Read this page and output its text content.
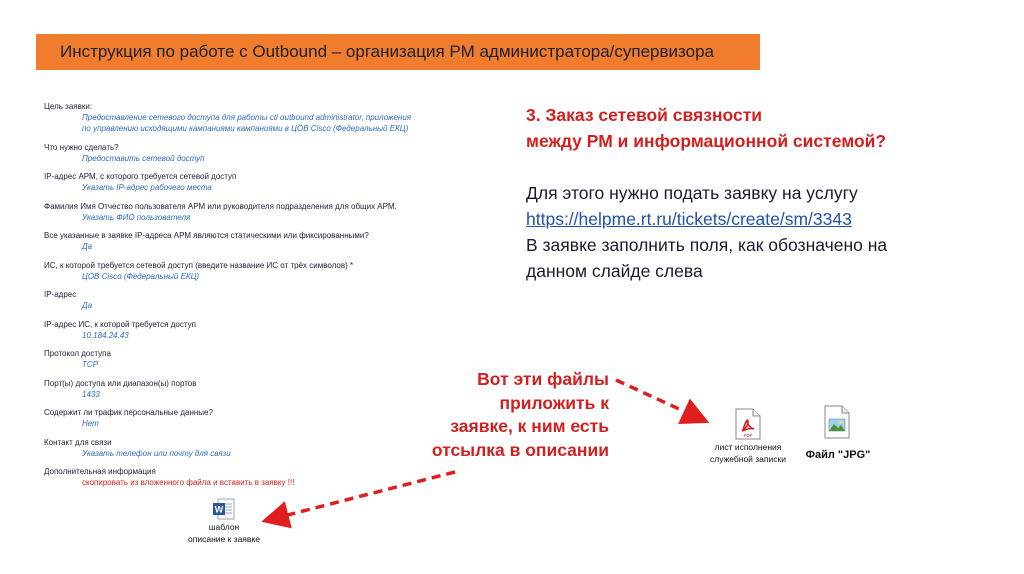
Инструкция по работе с Outbound – организация РМ администратора/супервизора
Цель заявки:
Предоставление сетевого доступа для работы cti outbound administrator, приложения
по управлению исходящими кампаниями кампаниями в ЦОВ Cisco (Федеральный ЕКЦ)
Что нужно сделать?
Предоставить сетевой доступ
IP-адрес АРМ, с которого требуется сетевой доступ
Указать IP-адрес рабочего места
Фамилия Имя Отчество пользователя АРМ или руководителя подразделения для общих АРМ.
Указать ФИО пользователя
Все указанные в заявке IP-адреса АРМ являются статическими или фиксированными?
Да
ИС, к которой требуется сетевой доступ (введите название ИС от трёх символов) *
ЦОВ Cisco (Федеральный ЕКЦ)
IP-адрес
Да
IP-адрес ИС, к которой требуется доступ
10.184.24.43
Протокол доступа
TCP
Порт(ы) доступа или диапазон(ы) портов
1433
Содержит ли трафик персональные данные?
Нет
Контакт для связи
Указать телефон или почту для связи
Дополнительная информация
скопировать из вложенного файла и вставить в заявку !!!
3. Заказ сетевой связности
между РМ и информационной системой?
Для этого нужно подать заявку на услугу
https://helpme.rt.ru/tickets/create/sm/3343
В заявке заполнить поля, как обозначено на
данном слайде слева
Вот эти файлы
приложить к
заявке, к ним есть
отсылка в описании
PDF
лист исполнения
служебной записки	Файл "JPG"
W
шаблон
описание к заявке
